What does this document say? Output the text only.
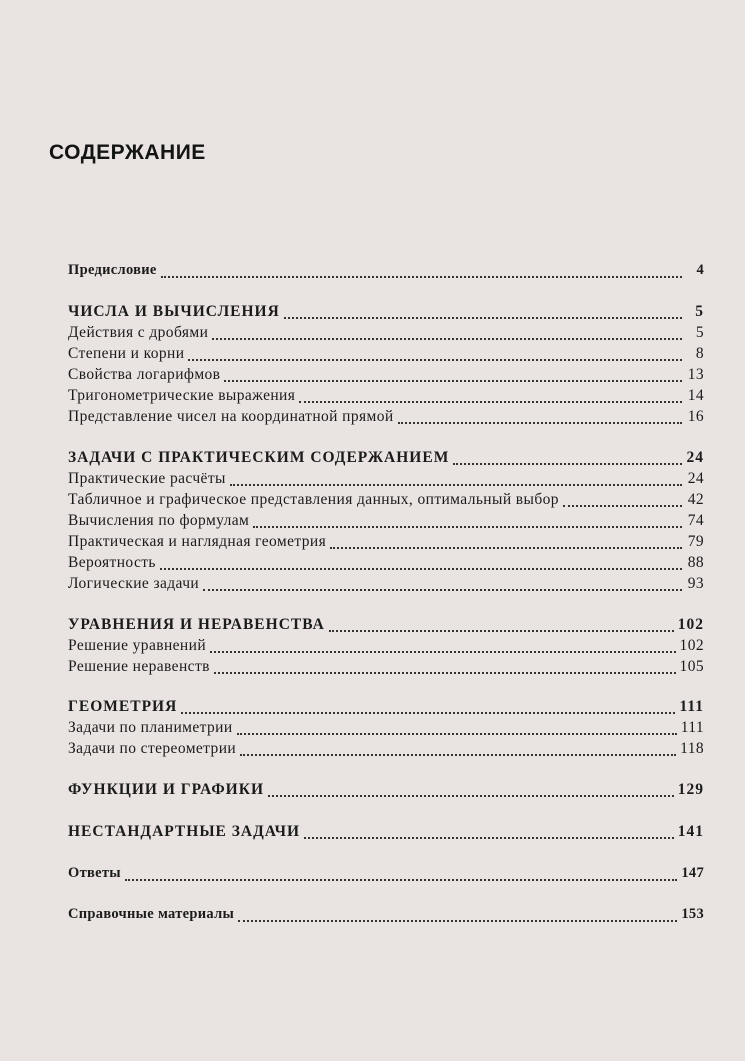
СОДЕРЖАНИЕ
Предисловие	4
ЧИСЛА И ВЫЧИСЛЕНИЯ	5
Действия с дробями	5
Степени и корни	8
Свойства логарифмов	13
Тригонометрические выражения	14
Представление чисел на координатной прямой	16
ЗАДАЧИ С ПРАКТИЧЕСКИМ СОДЕРЖАНИЕМ	24
Практические расчёты	24
Табличное и графическое представления данных, оптимальный выбор	42
Вычисления по формулам	74
Практическая и наглядная геометрия	79
Вероятность	88
Логические задачи	93
УРАВНЕНИЯ И НЕРАВЕНСТВА	102
Решение уравнений	102
Решение неравенств	105
ГЕОМЕТРИЯ	111
Задачи по планиметрии	111
Задачи по стереометрии	118
ФУНКЦИИ И ГРАФИКИ	129
НЕСТАНДАРТНЫЕ ЗАДАЧИ	141
Ответы	147
Справочные материалы	153
